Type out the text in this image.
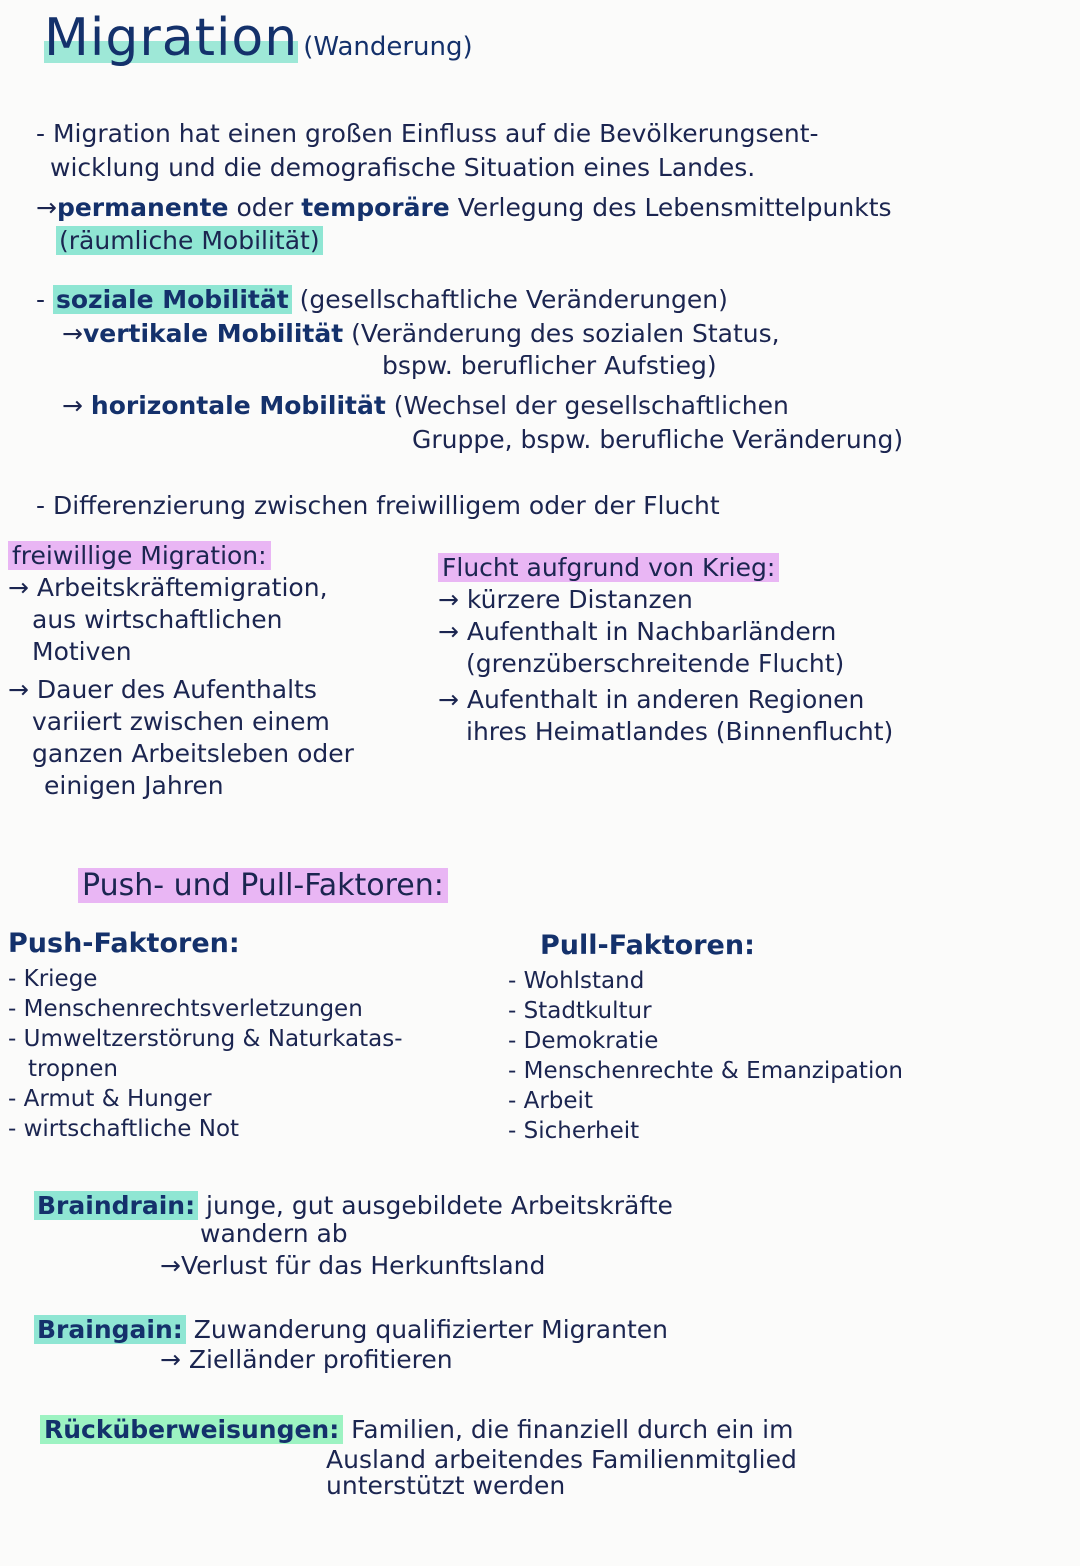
Migration (Wanderung)
- Migration hat einen großen Einfluss auf die Bevölkerungsent-
wicklung und die demografische Situation eines Landes.
→permanente oder temporäre Verlegung des Lebensmittelpunkts
(räumliche Mobilität)
- soziale Mobilität (gesellschaftliche Veränderungen)
→vertikale Mobilität (Veränderung des sozialen Status,
bspw. beruflicher Aufstieg)
→ horizontale Mobilität (Wechsel der gesellschaftlichen
Gruppe, bspw. berufliche Veränderung)
- Differenzierung zwischen freiwilligem oder der Flucht
freiwillige Migration:
→ Arbeitskräftemigration,
aus wirtschaftlichen
Motiven
→ Dauer des Aufenthalts
variiert zwischen einem
ganzen Arbeitsleben oder
einigen Jahren
Flucht aufgrund von Krieg:
→ kürzere Distanzen
→ Aufenthalt in Nachbarländern
(grenzüberschreitende Flucht)
→ Aufenthalt in anderen Regionen
ihres Heimatlandes (Binnenflucht)
Push- und Pull-Faktoren:
Push-Faktoren:
- Kriege
- Menschenrechtsverletzungen
- Umweltzerstörung & Naturkatas-
tropnen
- Armut & Hunger
- wirtschaftliche Not
Pull-Faktoren:
- Wohlstand
- Stadtkultur
- Demokratie
- Menschenrechte & Emanzipation
- Arbeit
- Sicherheit
Braindrain: junge, gut ausgebildete Arbeitskräfte
wandern ab
→Verlust für das Herkunftsland
Braingain: Zuwanderung qualifizierter Migranten
→ Zielländer profitieren
Rücküberweisungen: Familien, die finanziell durch ein im
Ausland arbeitendes Familienmitglied
unterstützt werden
